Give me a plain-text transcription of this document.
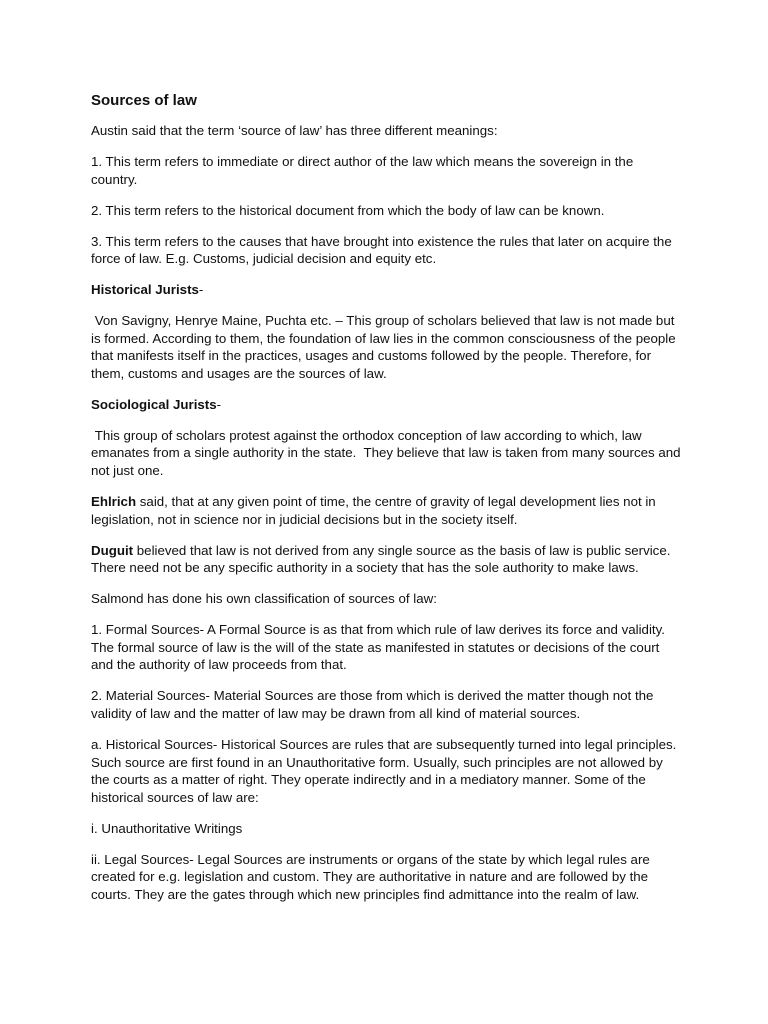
Sources of law

Austin said that the term ‘source of law’ has three different meanings:

1. This term refers to immediate or direct author of the law which means the sovereign in the country.

2. This term refers to the historical document from which the body of law can be known.

3. This term refers to the causes that have brought into existence the rules that later on acquire the force of law. E.g. Customs, judicial decision and equity etc.

Historical Jurists-

Von Savigny, Henrye Maine, Puchta etc. – This group of scholars believed that law is not made but is formed. According to them, the foundation of law lies in the common consciousness of the people that manifests itself in the practices, usages and customs followed by the people. Therefore, for them, customs and usages are the sources of law.

Sociological Jurists-

This group of scholars protest against the orthodox conception of law according to which, law emanates from a single authority in the state.  They believe that law is taken from many sources and not just one.

Ehlrich said, that at any given point of time, the centre of gravity of legal development lies not in legislation, not in science nor in judicial decisions but in the society itself.

Duguit believed that law is not derived from any single source as the basis of law is public service. There need not be any specific authority in a society that has the sole authority to make laws.

Salmond has done his own classification of sources of law:

1. Formal Sources- A Formal Source is as that from which rule of law derives its force and validity. The formal source of law is the will of the state as manifested in statutes or decisions of the court and the authority of law proceeds from that.

2. Material Sources- Material Sources are those from which is derived the matter though not the validity of law and the matter of law may be drawn from all kind of material sources.

a. Historical Sources- Historical Sources are rules that are subsequently turned into legal principles. Such source are first found in an Unauthoritative form. Usually, such principles are not allowed by the courts as a matter of right. They operate indirectly and in a mediatory manner. Some of the historical sources of law are:

i. Unauthoritative Writings

ii. Legal Sources- Legal Sources are instruments or organs of the state by which legal rules are created for e.g. legislation and custom. They are authoritative in nature and are followed by the courts. They are the gates through which new principles find admittance into the realm of law.
